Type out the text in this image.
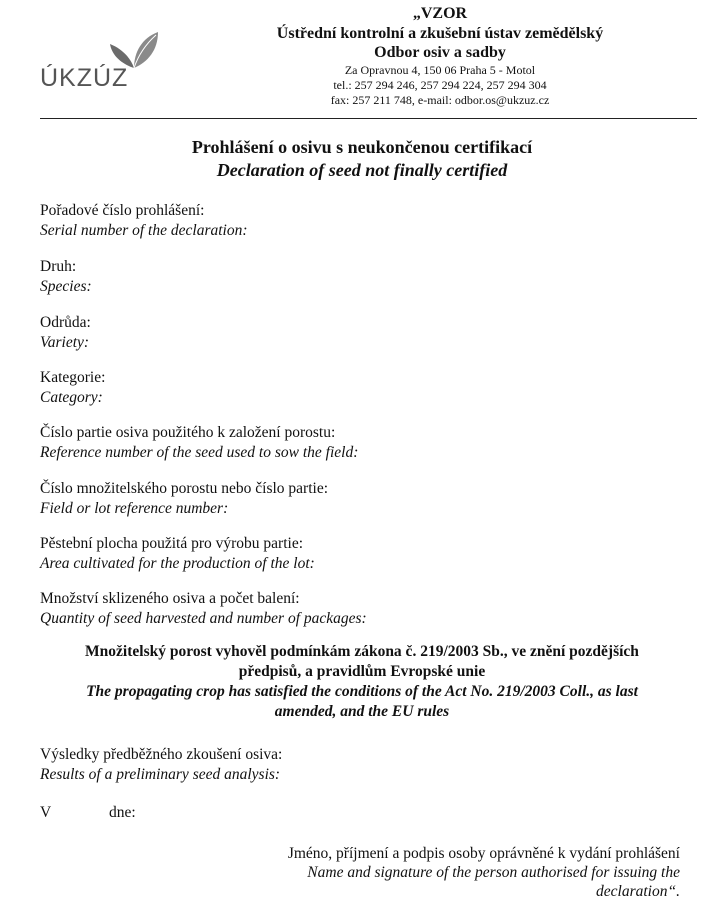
ÚKZÚZ
„VZOR
Ústřední kontrolní a zkušební ústav zemědělský
Odbor osiv a sadby
Za Opravnou 4, 150 06 Praha 5 - Motol
tel.: 257 294 246, 257 294 224, 257 294 304
fax: 257 211 748, e-mail: odbor.os@ukzuz.cz
Prohlášení o osivu s neukončenou certifikací
Declaration of seed not finally certified
Pořadové číslo prohlášení:
Serial number of the declaration:
Druh:
Species:
Odrůda:
Variety:
Kategorie:
Category:
Číslo partie osiva použitého k založení porostu:
Reference number of the seed used to sow the field:
Číslo množitelského porostu nebo číslo partie:
Field or lot reference number:
Pěstební plocha použitá pro výrobu partie:
Area cultivated for the production of the lot:
Množství sklizeného osiva a počet balení:
Quantity of seed harvested and number of packages:
Množitelský porost vyhověl podmínkám zákona č. 219/2003 Sb., ve znění pozdějších
předpisů, a pravidlům Evropské unie
The propagating crop has satisfied the conditions of the Act No. 219/2003 Coll., as last
amended, and the EU rules
Výsledky předběžného zkoušení osiva:
Results of a preliminary seed analysis:
V	dne:
Jméno, příjmení a podpis osoby oprávněné k vydání prohlášení
Name and signature of the person authorised for issuing the
declaration“.
